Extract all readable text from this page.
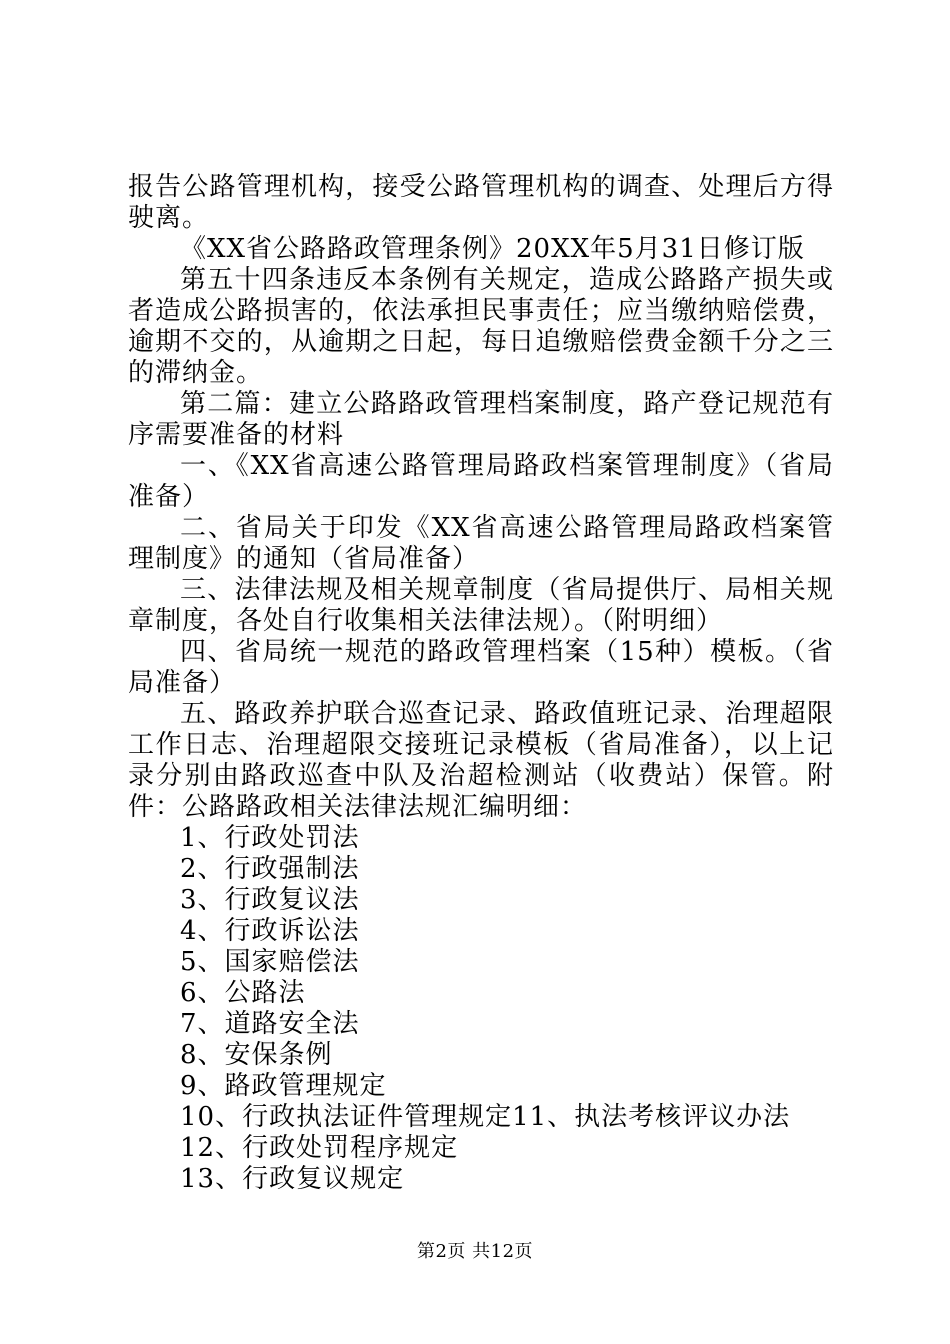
报告公路管理机构，接受公路管理机构的调查、处理后方得驶离。

《XX省公路路政管理条例》20XX年5月31日修订版

第五十四条违反本条例有关规定，造成公路路产损失或者造成公路损害的，依法承担民事责任；应当缴纳赔偿费，逾期不交的，从逾期之日起，每日追缴赔偿费金额千分之三的滞纳金。

第二篇：建立公路路政管理档案制度，路产登记规范有序需要准备的材料

一、《XX省高速公路管理局路政档案管理制度》（省局准备）

二、省局关于印发《XX省高速公路管理局路政档案管理制度》的通知（省局准备）

三、法律法规及相关规章制度（省局提供厅、局相关规章制度，各处自行收集相关法律法规）。（附明细）

四、省局统一规范的路政管理档案（15种）模板。（省局准备）

五、路政养护联合巡查记录、路政值班记录、治理超限工作日志、治理超限交接班记录模板（省局准备），以上记录分别由路政巡查中队及治超检测站（收费站）保管。附件：公路路政相关法律法规汇编明细：

1、行政处罚法
2、行政强制法
3、行政复议法
4、行政诉讼法
5、国家赔偿法
6、公路法
7、道路安全法
8、安保条例
9、路政管理规定
10、行政执法证件管理规定11、执法考核评议办法
12、行政处罚程序规定
13、行政复议规定
第2页 共12页
